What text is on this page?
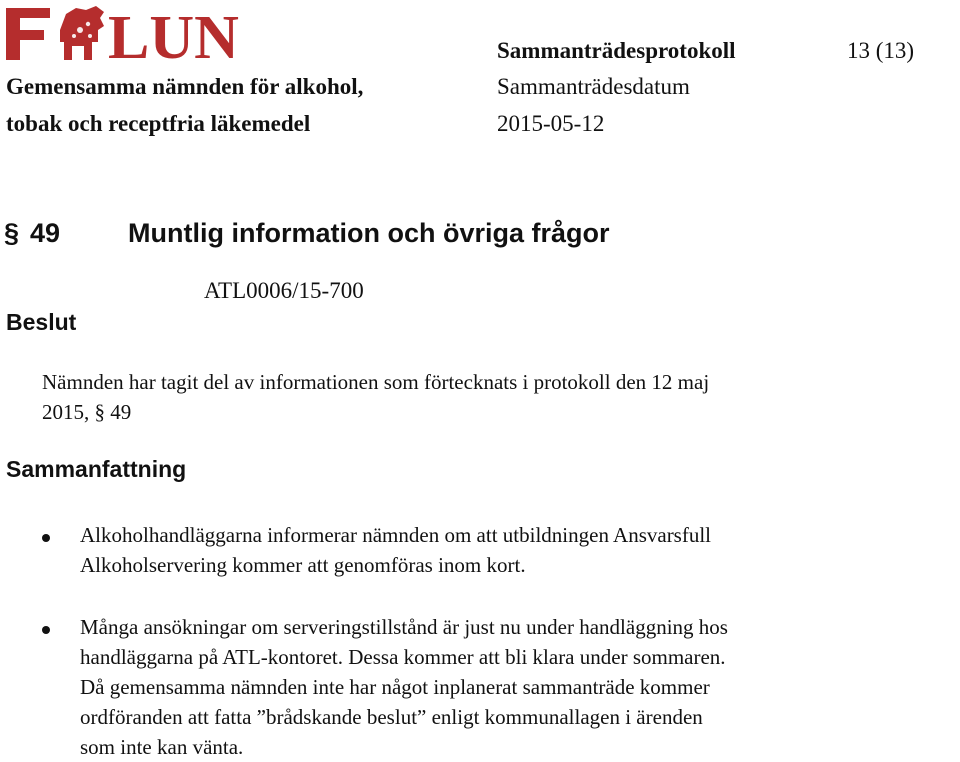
LUN	Sammanträdesprotokoll	13 (13)
Gemensamma nämnden för alkohol,	Sammanträdesdatum
tobak och receptfria läkemedel	2015-05-12
§ 49	Muntlig information och övriga frågor
ATL0006/15-700
Beslut
Nämnden har tagit del av informationen som förtecknats i protokoll den 12 maj
2015, § 49
Sammanfattning
Alkoholhandläggarna informerar nämnden om att utbildningen Ansvarsfull
Alkoholservering kommer att genomföras inom kort.
Många ansökningar om serveringstillstånd är just nu under handläggning hos
handläggarna på ATL-kontoret. Dessa kommer att bli klara under sommaren.
Då gemensamma nämnden inte har något inplanerat sammanträde kommer
ordföranden att fatta ”brådskande beslut” enligt kommunallagen i ärenden
som inte kan vänta.
